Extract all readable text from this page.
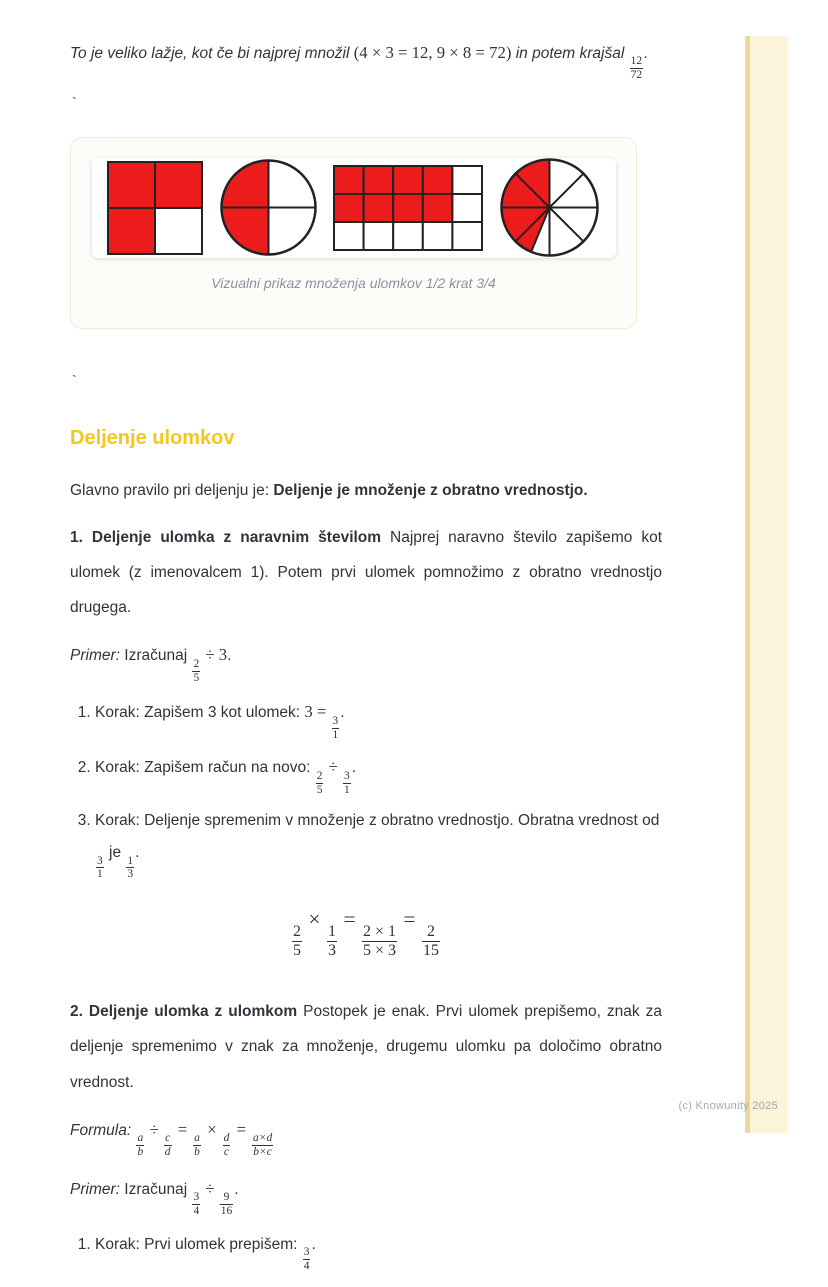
(c) Knowunity 2025

To je veliko lažje, kot če bi najprej množil (4 × 3 = 12, 9 × 8 = 72) in potem krajšal
$\frac{12}{72}$
.

`

Vizualni prikaz množenja ulomkov 1/2 krat 3/4

`

Deljenje ulomkov

Glavno pravilo pri deljenju je: Deljenje je množenje z obratno vrednostjo.

1. Deljenje ulomka z naravnim številom Najprej naravno število zapišemo kot ulomek (z imenovalcem 1). Potem prvi ulomek pomnožimo z obratno vrednostjo drugega.

Primer: Izračunaj
$\frac{2}{5}$
÷ 3.

1. Korak: Zapišem 3 kot ulomek: 3 =
$\frac{3}{1}$
.
2. Korak: Zapišem račun na novo:
$\frac{2}{5}$
÷
$\frac{3}{1}$
.
3. Korak: Deljenje spremenim v množenje z obratno vrednostjo. Obratna vrednost od
$\frac{3}{1}$
je
$\frac{1}{3}$
.
$\frac{2}{5}$
×
$\frac{1}{3}$
=
$\frac{2 \times 1}{5 \times 3}$
=
$\frac{2}{15}$

2. Deljenje ulomka z ulomkom Postopek je enak. Prvi ulomek prepišemo, znak za deljenje spremenimo v znak za množenje, drugemu ulomku pa določimo obratno vrednost.

Formula:
$\frac{a}{b}$
÷
$\frac{c}{d}$
=
$\frac{a}{b}$
×
$\frac{d}{c}$
=
$\frac{a\times d}{b\times c}$

Primer: Izračunaj
$\frac{3}{4}$
÷
$\frac{9}{16}$
.

1. Korak: Prvi ulomek prepišem:
$\frac{3}{4}$
.
